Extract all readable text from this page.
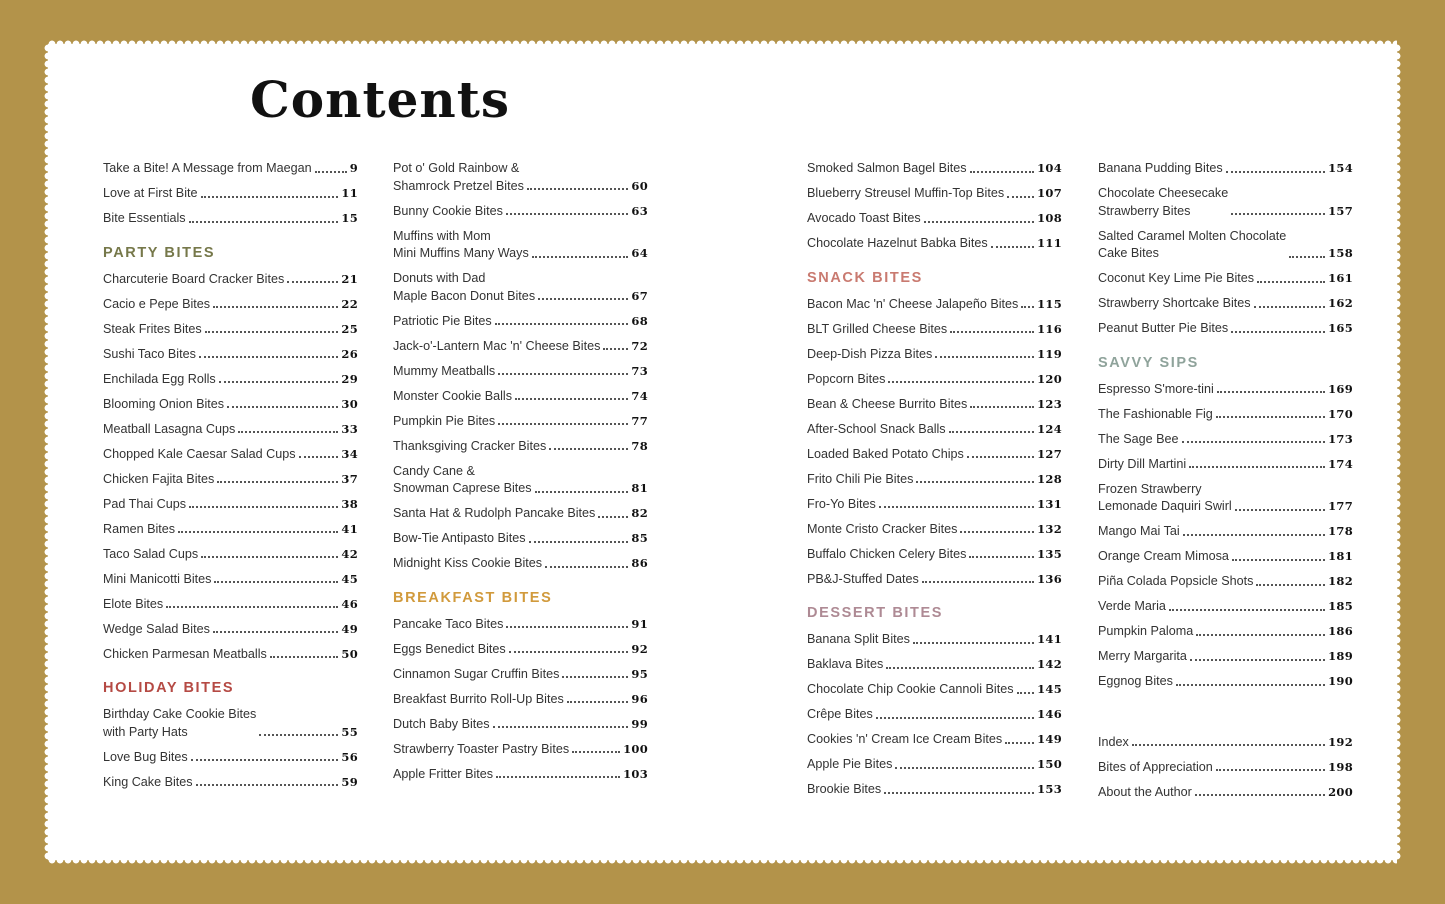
Contents
Take a Bite! A Message from Maegan	9
Love at First Bite	11
Bite Essentials	15
PARTY BITES
Charcuterie Board Cracker Bites	21
Cacio e Pepe Bites	22
Steak Frites Bites	25
Sushi Taco Bites	26
Enchilada Egg Rolls	29
Blooming Onion Bites	30
Meatball Lasagna Cups	33
Chopped Kale Caesar Salad Cups	34
Chicken Fajita Bites	37
Pad Thai Cups	38
Ramen Bites	41
Taco Salad Cups	42
Mini Manicotti Bites	45
Elote Bites	46
Wedge Salad Bites	49
Chicken Parmesan Meatballs	50
HOLIDAY BITES
Birthday Cake Cookie Bites
with Party Hats	55
Love Bug Bites	56
King Cake Bites	59
Pot o' Gold Rainbow &
Shamrock Pretzel Bites	60
Bunny Cookie Bites	63
Muffins with Mom
Mini Muffins Many Ways	64
Donuts with Dad
Maple Bacon Donut Bites	67
Patriotic Pie Bites	68
Jack-o'-Lantern Mac 'n' Cheese Bites	72
Mummy Meatballs	73
Monster Cookie Balls	74
Pumpkin Pie Bites	77
Thanksgiving Cracker Bites	78
Candy Cane &
Snowman Caprese Bites	81
Santa Hat & Rudolph Pancake Bites	82
Bow-Tie Antipasto Bites	85
Midnight Kiss Cookie Bites	86
BREAKFAST BITES
Pancake Taco Bites	91
Eggs Benedict Bites	92
Cinnamon Sugar Cruffin Bites	95
Breakfast Burrito Roll-Up Bites	96
Dutch Baby Bites	99
Strawberry Toaster Pastry Bites	100
Apple Fritter Bites	103
Smoked Salmon Bagel Bites	104
Blueberry Streusel Muffin-Top Bites	107
Avocado Toast Bites	108
Chocolate Hazelnut Babka Bites	111
SNACK BITES
Bacon Mac 'n' Cheese Jalapeño Bites 115
BLT Grilled Cheese Bites	116
Deep-Dish Pizza Bites	119
Popcorn Bites	120
Bean & Cheese Burrito Bites	123
After-School Snack Balls	124
Loaded Baked Potato Chips	127
Frito Chili Pie Bites	128
Fro-Yo Bites	131
Monte Cristo Cracker Bites	132
Buffalo Chicken Celery Bites	135
PB&J-Stuffed Dates	136
DESSERT BITES
Banana Split Bites	141
Baklava Bites	142
Chocolate Chip Cookie Cannoli Bites 145
Crêpe Bites	146
Cookies 'n' Cream Ice Cream Bites	149
Apple Pie Bites	150
Brookie Bites	153
Banana Pudding Bites	154
Chocolate Cheesecake
Strawberry Bites	157
Salted Caramel Molten Chocolate
Cake Bites	158
Coconut Key Lime Pie Bites	161
Strawberry Shortcake Bites	162
Peanut Butter Pie Bites	165
SAVVY SIPS
Espresso S'more-tini	169
The Fashionable Fig	170
The Sage Bee	173
Dirty Dill Martini	174
Frozen Strawberry
Lemonade Daquiri Swirl	177
Mango Mai Tai	178
Orange Cream Mimosa	181
Piña Colada Popsicle Shots	182
Verde Maria	185
Pumpkin Paloma	186
Merry Margarita	189
Eggnog Bites	190
Index	192
Bites of Appreciation	198
About the Author	200
